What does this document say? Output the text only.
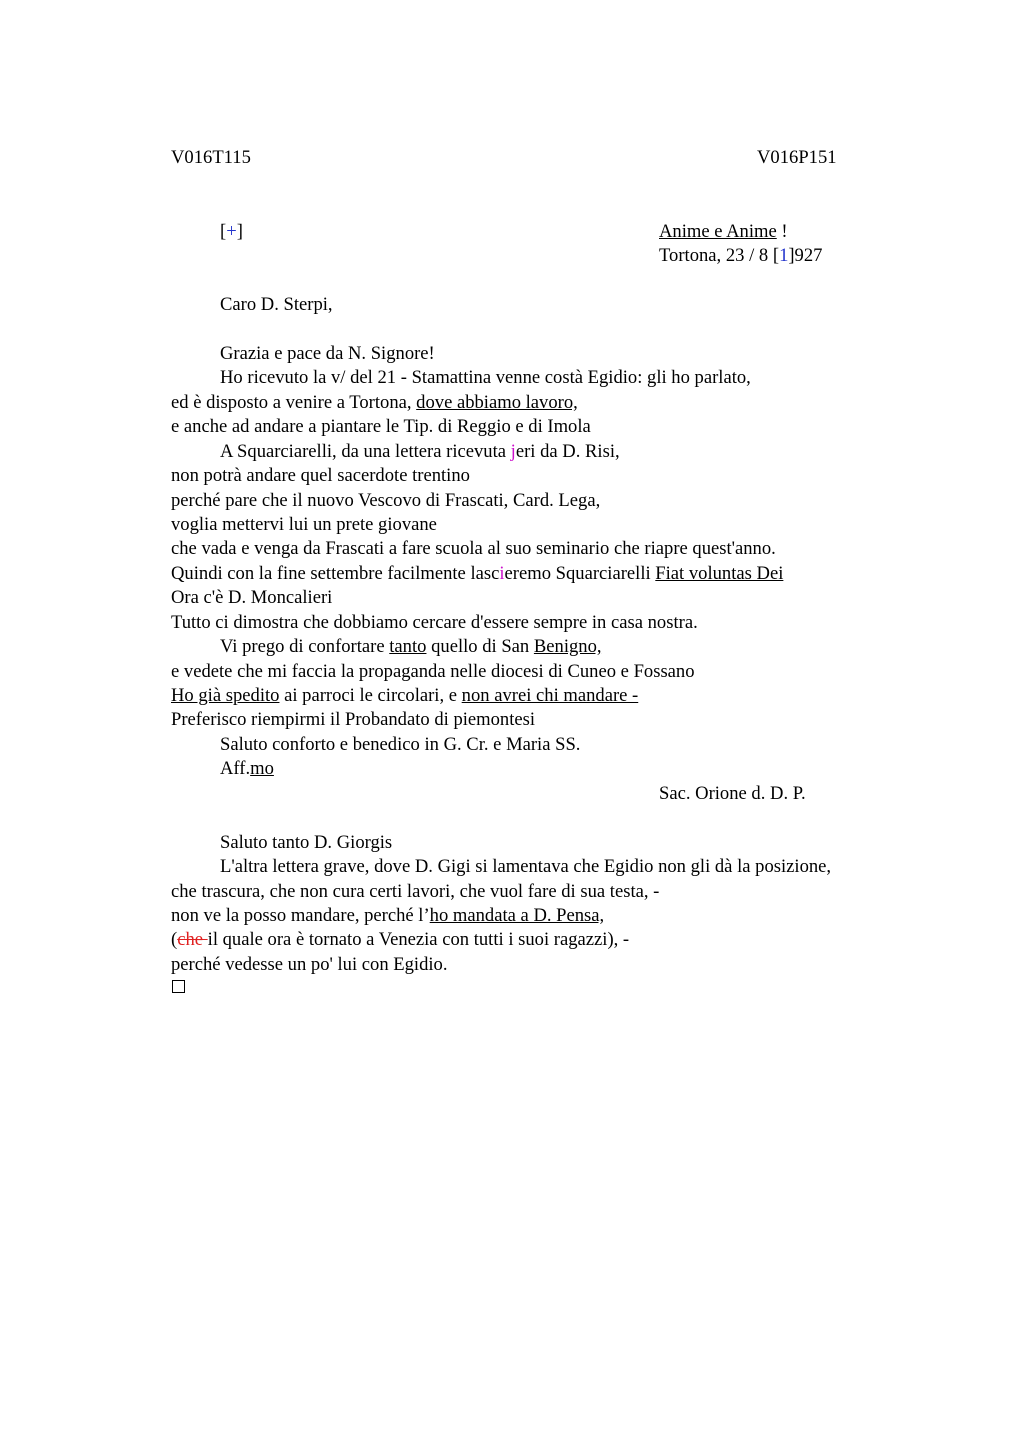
V016T115	V016P151
[+]	Anime e Anime !
Tortona, 23 / 8 [1]927
Caro D. Sterpi,
Grazia e pace da N. Signore!
Ho ricevuto la v/ del 21 - Stamattina venne costà Egidio: gli ho parlato,
ed è disposto a venire a Tortona, dove abbiamo lavoro,
e anche ad andare a piantare le Tip. di Reggio e di Imola
A Squarciarelli, da una lettera ricevuta jeri da D. Risi,
non potrà andare quel sacerdote trentino
perché pare che il nuovo Vescovo di Frascati, Card. Lega,
voglia mettervi lui un prete giovane
che vada e venga da Frascati a fare scuola al suo seminario che riapre quest'anno.
Quindi con la fine settembre facilmente lascieremo Squarciarelli Fiat voluntas Dei
Ora c'è D. Moncalieri
Tutto ci dimostra che dobbiamo cercare d'essere sempre in casa nostra.
Vi prego di confortare tanto quello di San Benigno,
e vedete che mi faccia la propaganda nelle diocesi di Cuneo e Fossano
Ho già spedito ai parroci le circolari, e non avrei chi mandare -
Preferisco riempirmi il Probandato di piemontesi
Saluto conforto e benedico in G. Cr. e Maria SS.
Aff.mo
Sac. Orione d. D. P.
Saluto tanto D. Giorgis
L'altra lettera grave, dove D. Gigi si lamentava che Egidio non gli dà la posizione,
che trascura, che non cura certi lavori, che vuol fare di sua testa, -
non ve la posso mandare, perché l’ho mandata a D. Pensa,
(che il quale ora è tornato a Venezia con tutti i suoi ragazzi), -
perché vedesse un po' lui con Egidio.
